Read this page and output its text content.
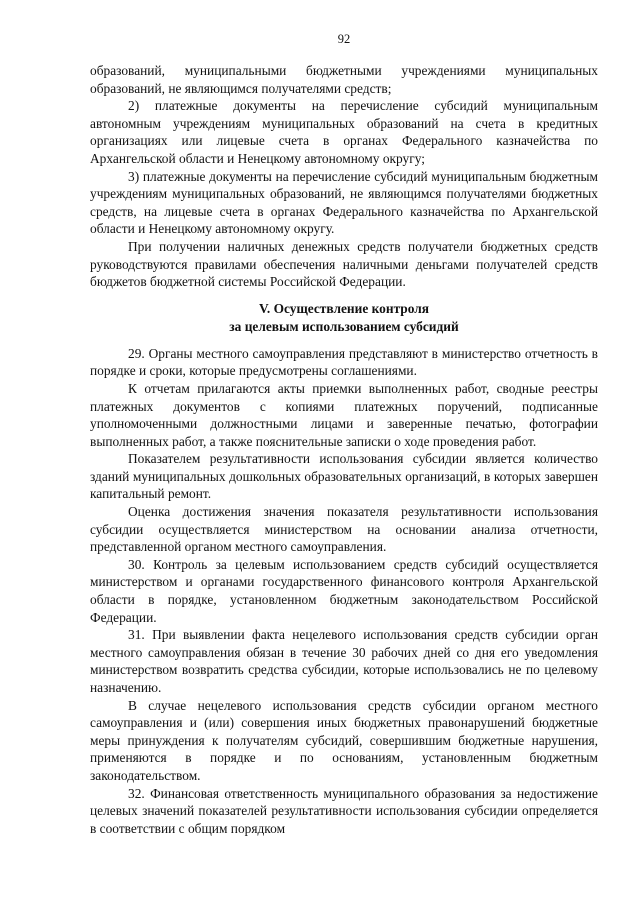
92

образований, муниципальными бюджетными учреждениями муниципальных образований, не являющимся получателями средств;

2) платежные документы на перечисление субсидий муниципальным автономным учреждениям муниципальных образований на счета в кредитных организациях или лицевые счета в органах Федерального казначейства по Архангельской области и Ненецкому автономному округу;

3) платежные документы на перечисление субсидий муниципальным бюджетным учреждениям муниципальных образований, не являющимся получателями бюджетных средств, на лицевые счета в органах Федерального казначейства по Архангельской области и Ненецкому автономному округу.

При получении наличных денежных средств получатели бюджетных средств руководствуются правилами обеспечения наличными деньгами получателей средств бюджетов бюджетной системы Российской Федерации.

V. Осуществление контроля
за целевым использованием субсидий

29. Органы местного самоуправления представляют в министерство отчетность в порядке и сроки, которые предусмотрены соглашениями.

К отчетам прилагаются акты приемки выполненных работ, сводные реестры платежных документов с копиями платежных поручений, подписанные уполномоченными должностными лицами и заверенные печатью, фотографии выполненных работ, а также пояснительные записки о ходе проведения работ.

Показателем результативности использования субсидии является количество зданий муниципальных дошкольных образовательных организаций, в которых завершен капитальный ремонт.

Оценка достижения значения показателя результативности использования субсидии осуществляется министерством на основании анализа отчетности, представленной органом местного самоуправления.

30. Контроль за целевым использованием средств субсидий осуществляется министерством и органами государственного финансового контроля Архангельской области в порядке, установленном бюджетным законодательством Российской Федерации.

31. При выявлении факта нецелевого использования средств субсидии орган местного самоуправления обязан в течение 30 рабочих дней со дня его уведомления министерством возвратить средства субсидии, которые использовались не по целевому назначению.

В случае нецелевого использования средств субсидии органом местного самоуправления и (или) совершения иных бюджетных правонарушений бюджетные меры принуждения к получателям субсидий, совершившим бюджетные нарушения, применяются в порядке и по основаниям, установленным бюджетным законодательством.

32. Финансовая ответственность муниципального образования за недостижение целевых значений показателей результативности использования субсидии определяется в соответствии с общим порядком
